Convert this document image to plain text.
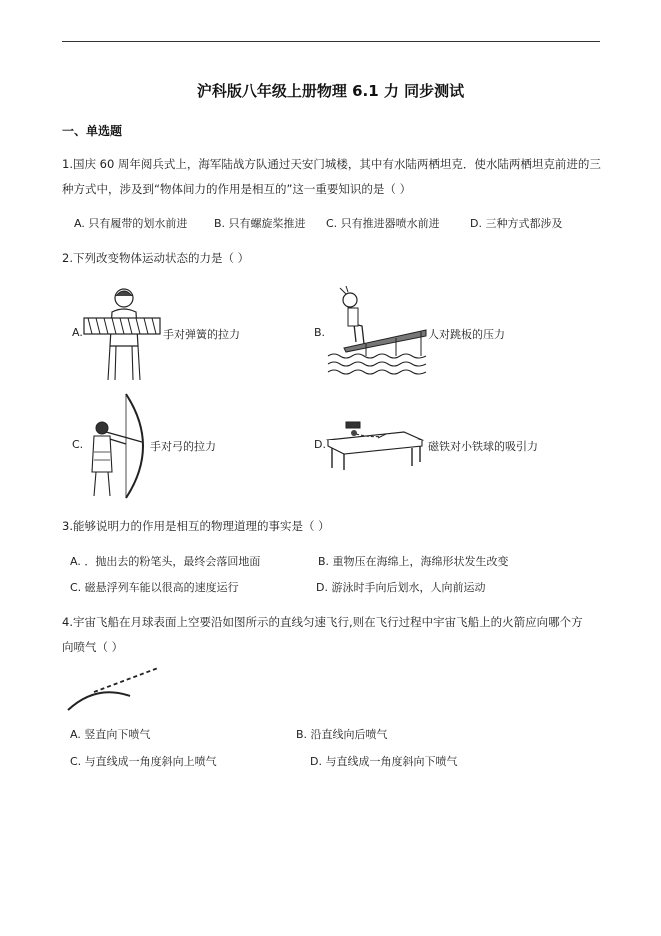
沪科版八年级上册物理 6.1 力 同步测试
一、单选题
1.国庆 60 周年阅兵式上，海军陆战方队通过天安门城楼，其中有水陆两栖坦克．使水陆两栖坦克前进的三
种方式中，涉及到“物体间力的作用是相互的”这一重要知识的是（ ）
A. 只有履带的划水前进 B. 只有螺旋桨推进 C. 只有推进器喷水前进	D. 三种方式都涉及
2.下列改变物体运动状态的力是（ ）
A.	手对弹簧的拉力	B.	人对跳板的压力
C.	手对弓的拉力	D.	磁铁对小铁球的吸引力
3.能够说明力的作用是相互的物理道理的事实是（ ）
A. ．抛出去的粉笔头，最终会落回地面	B. 重物压在海绵上，海绵形状发生改变
C. 磁悬浮列车能以很高的速度运行	D. 游泳时手向后划水，人向前运动
4.宇宙飞船在月球表面上空要沿如图所示的直线匀速飞行,则在飞行过程中宇宙飞船上的火箭应向哪个方
向喷气（ ）
A. 竖直向下喷气	B. 沿直线向后喷气
C. 与直线成一角度斜向上喷气	D. 与直线成一角度斜向下喷气
